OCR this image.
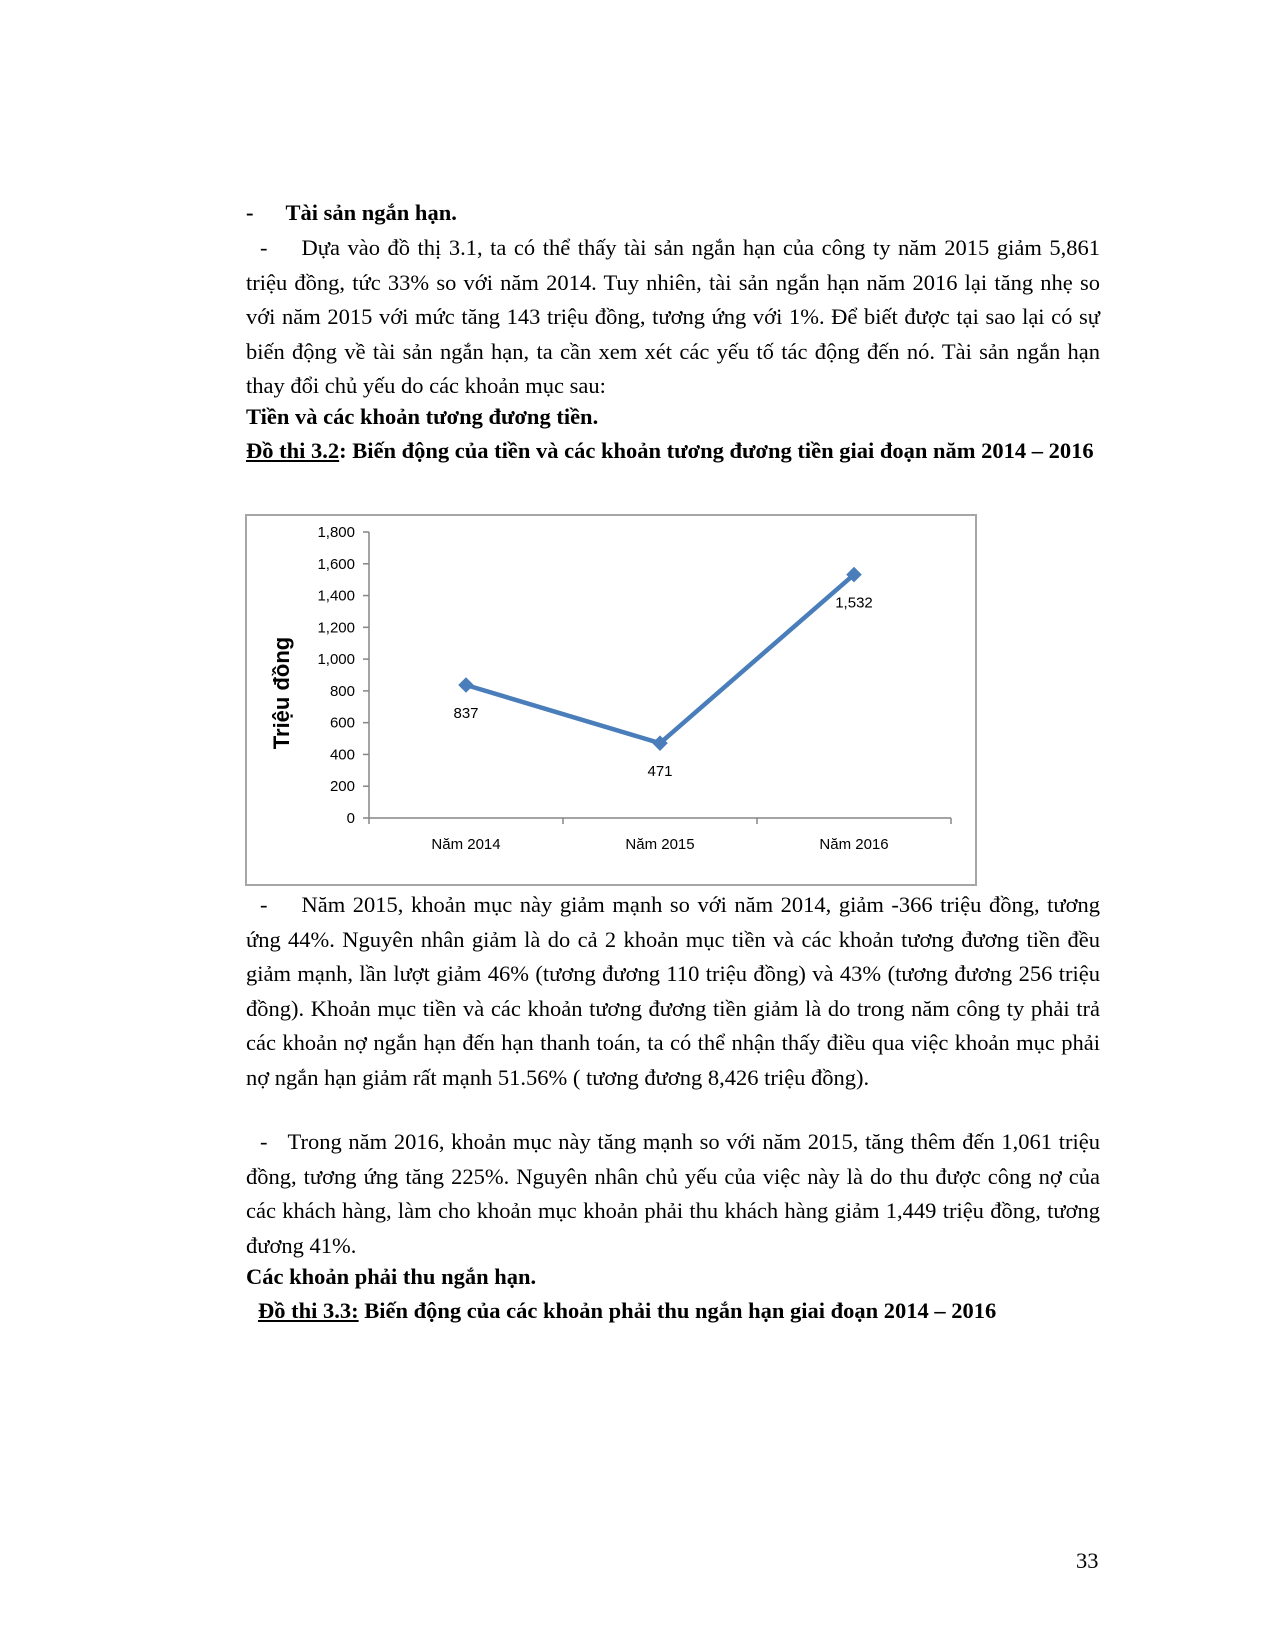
- Tài sản ngắn hạn.
- Dựa vào đồ thị 3.1, ta có thể thấy tài sản ngắn hạn của công ty năm 2015 giảm 5,861 triệu đồng, tức 33% so với năm 2014. Tuy nhiên, tài sản ngắn hạn năm 2016 lại tăng nhẹ so với năm 2015 với mức tăng 143 triệu đồng, tương ứng với 1%. Để biết được tại sao lại có sự biến động về tài sản ngắn hạn, ta cần xem xét các yếu tố tác động đến nó. Tài sản ngắn hạn thay đổi chủ yếu do các khoản mục sau:
Tiền và các khoản tương đương tiền.
Đồ thi 3.2: Biến động của tiền và các khoản tương đương tiền giai đoạn năm 2014 – 2016
0
200
400
600
800
1,000
1,200
1,400
1,600
1,800
Năm 2014	Năm 2015	Năm 2016
837
471
1,532
Triệu đồng
- Năm 2015, khoản mục này giảm mạnh so với năm 2014, giảm -366 triệu đồng, tương ứng 44%. Nguyên nhân giảm là do cả 2 khoản mục tiền và các khoản tương đương tiền đều giảm mạnh, lần lượt giảm 46% (tương đương 110 triệu đồng) và 43% (tương đương 256 triệu đồng). Khoản mục tiền và các khoản tương đương tiền giảm là do trong năm công ty phải trả các khoản nợ ngắn hạn đến hạn thanh toán, ta có thể nhận thấy điều qua việc khoản mục phải nợ ngắn hạn giảm rất mạnh 51.56% ( tương đương 8,426 triệu đồng).
- Trong năm 2016, khoản mục này tăng mạnh so với năm 2015, tăng thêm đến 1,061 triệu đồng, tương ứng tăng 225%. Nguyên nhân chủ yếu của việc này là do thu được công nợ của các khách hàng, làm cho khoản mục khoản phải thu khách hàng giảm 1,449 triệu đồng, tương đương 41%.
Các khoản phải thu ngắn hạn.
Đồ thi 3.3: Biến động của các khoản phải thu ngắn hạn giai đoạn 2014 – 2016
33
